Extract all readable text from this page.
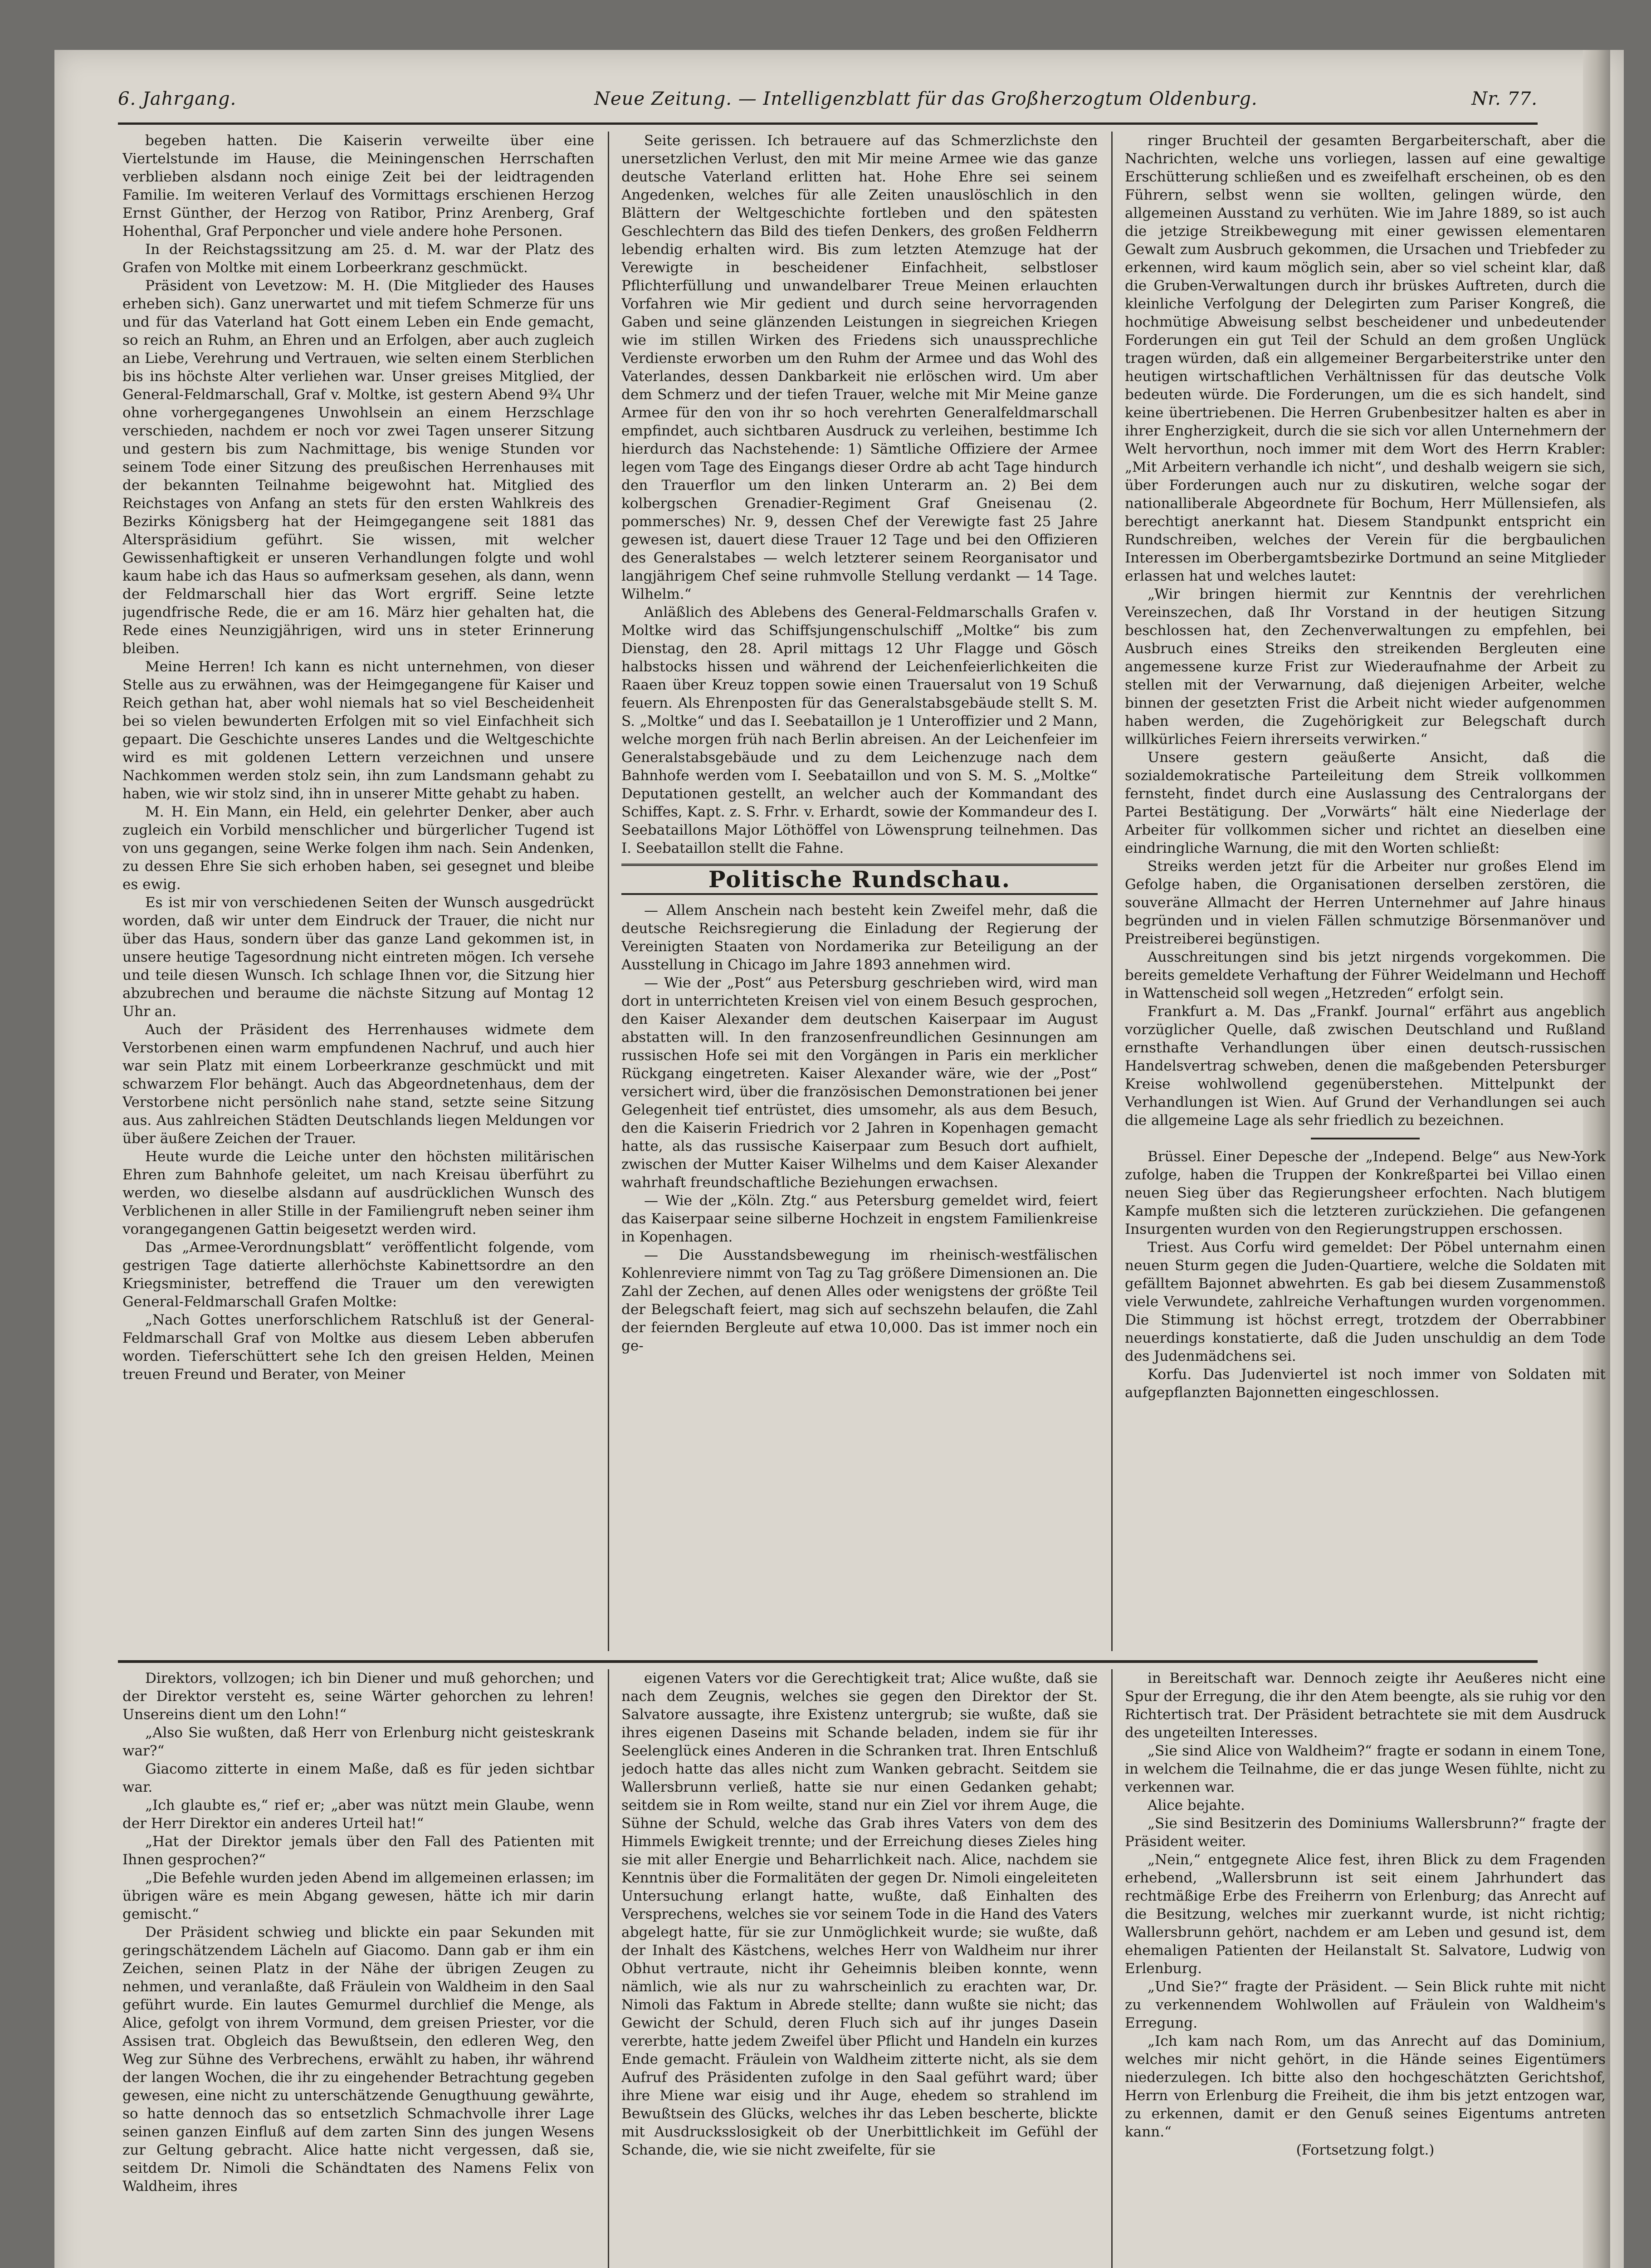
6. Jahrgang.	Neue Zeitung. — Intelligenzblatt für das Großherzogtum Oldenburg.	Nr. 77.

begeben hatten. Die Kaiserin verweilte über eine Viertelstunde im Hause, die Meiningenschen Herrschaften verblieben alsdann noch einige Zeit bei der leidtragenden Familie. Im weiteren Verlauf des Vormittags erschienen Herzog Ernst Günther, der Herzog von Ratibor, Prinz Arenberg, Graf Hohenthal, Graf Perponcher und viele andere hohe Personen.

In der Reichstagssitzung am 25. d. M. war der Platz des Grafen von Moltke mit einem Lorbeerkranz geschmückt.

Präsident von Levetzow: M. H. (Die Mitglieder des Hauses erheben sich). Ganz unerwartet und mit tiefem Schmerze für uns und für das Vaterland hat Gott einem Leben ein Ende gemacht, so reich an Ruhm, an Ehren und an Erfolgen, aber auch zugleich an Liebe, Verehrung und Vertrauen, wie selten einem Sterblichen bis ins höchste Alter verliehen war. Unser greises Mitglied, der General-Feldmarschall, Graf v. Moltke, ist gestern Abend 9¾ Uhr ohne vorhergegangenes Unwohlsein an einem Herzschlage verschieden, nachdem er noch vor zwei Tagen unserer Sitzung und gestern bis zum Nachmittage, bis wenige Stunden vor seinem Tode einer Sitzung des preußischen Herrenhauses mit der bekannten Teilnahme beigewohnt hat. Mitglied des Reichstages von Anfang an stets für den ersten Wahlkreis des Bezirks Königsberg hat der Heimgegangene seit 1881 das Alterspräsidium geführt. Sie wissen, mit welcher Gewissenhaftigkeit er unseren Verhandlungen folgte und wohl kaum habe ich das Haus so aufmerksam gesehen, als dann, wenn der Feldmarschall hier das Wort ergriff. Seine letzte jugendfrische Rede, die er am 16. März hier gehalten hat, die Rede eines Neunzigjährigen, wird uns in steter Erinnerung bleiben.

Meine Herren! Ich kann es nicht unternehmen, von dieser Stelle aus zu erwähnen, was der Heimgegangene für Kaiser und Reich gethan hat, aber wohl niemals hat so viel Bescheidenheit bei so vielen bewunderten Erfolgen mit so viel Einfachheit sich gepaart. Die Geschichte unseres Landes und die Weltgeschichte wird es mit goldenen Lettern verzeichnen und unsere Nachkommen werden stolz sein, ihn zum Landsmann gehabt zu haben, wie wir stolz sind, ihn in unserer Mitte gehabt zu haben.

M. H. Ein Mann, ein Held, ein gelehrter Denker, aber auch zugleich ein Vorbild menschlicher und bürgerlicher Tugend ist von uns gegangen, seine Werke folgen ihm nach. Sein Andenken, zu dessen Ehre Sie sich erhoben haben, sei gesegnet und bleibe es ewig.

Es ist mir von verschiedenen Seiten der Wunsch ausgedrückt worden, daß wir unter dem Eindruck der Trauer, die nicht nur über das Haus, sondern über das ganze Land gekommen ist, in unsere heutige Tagesordnung nicht eintreten mögen. Ich versehe und teile diesen Wunsch. Ich schlage Ihnen vor, die Sitzung hier abzubrechen und beraume die nächste Sitzung auf Montag 12 Uhr an.

Auch der Präsident des Herrenhauses widmete dem Verstorbenen einen warm empfundenen Nachruf, und auch hier war sein Platz mit einem Lorbeerkranze geschmückt und mit schwarzem Flor behängt. Auch das Abgeordnetenhaus, dem der Verstorbene nicht persönlich nahe stand, setzte seine Sitzung aus. Aus zahlreichen Städten Deutschlands liegen Meldungen vor über äußere Zeichen der Trauer.

Heute wurde die Leiche unter den höchsten militärischen Ehren zum Bahnhofe geleitet, um nach Kreisau überführt zu werden, wo dieselbe alsdann auf ausdrücklichen Wunsch des Verblichenen in aller Stille in der Familiengruft neben seiner ihm vorangegangenen Gattin beigesetzt werden wird.

Das „Armee-Verordnungsblatt“ veröffentlicht folgende, vom gestrigen Tage datierte allerhöchste Kabinettsordre an den Kriegsminister, betreffend die Trauer um den verewigten General-Feldmarschall Grafen Moltke:

„Nach Gottes unerforschlichem Ratschluß ist der General-Feldmarschall Graf von Moltke aus diesem Leben abberufen worden. Tieferschüttert sehe Ich den greisen Helden, Meinen treuen Freund und Berater, von Meiner

Seite gerissen. Ich betrauere auf das Schmerzlichste den unersetzlichen Verlust, den mit Mir meine Armee wie das ganze deutsche Vaterland erlitten hat. Hohe Ehre sei seinem Angedenken, welches für alle Zeiten unauslöschlich in den Blättern der Weltgeschichte fortleben und den spätesten Geschlechtern das Bild des tiefen Denkers, des großen Feldherrn lebendig erhalten wird. Bis zum letzten Atemzuge hat der Verewigte in bescheidener Einfachheit, selbstloser Pflichterfüllung und unwandelbarer Treue Meinen erlauchten Vorfahren wie Mir gedient und durch seine hervorragenden Gaben und seine glänzenden Leistungen in siegreichen Kriegen wie im stillen Wirken des Friedens sich unaussprechliche Verdienste erworben um den Ruhm der Armee und das Wohl des Vaterlandes, dessen Dankbarkeit nie erlöschen wird. Um aber dem Schmerz und der tiefen Trauer, welche mit Mir Meine ganze Armee für den von ihr so hoch verehrten Generalfeldmarschall empfindet, auch sichtbaren Ausdruck zu verleihen, bestimme Ich hierdurch das Nachstehende: 1) Sämtliche Offiziere der Armee legen vom Tage des Eingangs dieser Ordre ab acht Tage hindurch den Trauerflor um den linken Unterarm an. 2) Bei dem kolbergschen Grenadier-Regiment Graf Gneisenau (2. pommersches) Nr. 9, dessen Chef der Verewigte fast 25 Jahre gewesen ist, dauert diese Trauer 12 Tage und bei den Offizieren des Generalstabes — welch letzterer seinem Reorganisator und langjährigem Chef seine ruhmvolle Stellung verdankt — 14 Tage. Wilhelm.“

Anläßlich des Ablebens des General-Feldmarschalls Grafen v. Moltke wird das Schiffsjungenschulschiff „Moltke“ bis zum Dienstag, den 28. April mittags 12 Uhr Flagge und Gösch halbstocks hissen und während der Leichenfeierlichkeiten die Raaen über Kreuz toppen sowie einen Trauersalut von 19 Schuß feuern. Als Ehrenposten für das Generalstabsgebäude stellt S. M. S. „Moltke“ und das I. Seebataillon je 1 Unteroffizier und 2 Mann, welche morgen früh nach Berlin abreisen. An der Leichenfeier im Generalstabsgebäude und zu dem Leichenzuge nach dem Bahnhofe werden vom I. Seebataillon und von S. M. S. „Moltke“ Deputationen gestellt, an welcher auch der Kommandant des Schiffes, Kapt. z. S. Frhr. v. Erhardt, sowie der Kommandeur des I. Seebataillons Major Löthöffel von Löwensprung teilnehmen. Das I. Seebataillon stellt die Fahne.

Politische Rundschau.

— Allem Anschein nach besteht kein Zweifel mehr, daß die deutsche Reichsregierung die Einladung der Regierung der Vereinigten Staaten von Nordamerika zur Beteiligung an der Ausstellung in Chicago im Jahre 1893 annehmen wird.

— Wie der „Post“ aus Petersburg geschrieben wird, wird man dort in unterrichteten Kreisen viel von einem Besuch gesprochen, den Kaiser Alexander dem deutschen Kaiserpaar im August abstatten will. In den franzosenfreundlichen Gesinnungen am russischen Hofe sei mit den Vorgängen in Paris ein merklicher Rückgang eingetreten. Kaiser Alexander wäre, wie der „Post“ versichert wird, über die französischen Demonstrationen bei jener Gelegenheit tief entrüstet, dies umsomehr, als aus dem Besuch, den die Kaiserin Friedrich vor 2 Jahren in Kopenhagen gemacht hatte, als das russische Kaiserpaar zum Besuch dort aufhielt, zwischen der Mutter Kaiser Wilhelms und dem Kaiser Alexander wahrhaft freundschaftliche Beziehungen erwachsen.

— Wie der „Köln. Ztg.“ aus Petersburg gemeldet wird, feiert das Kaiserpaar seine silberne Hochzeit in engstem Familienkreise in Kopenhagen.

— Die Ausstandsbewegung im rheinisch-westfälischen Kohlenreviere nimmt von Tag zu Tag größere Dimensionen an. Die Zahl der Zechen, auf denen Alles oder wenigstens der größte Teil der Belegschaft feiert, mag sich auf sechszehn belaufen, die Zahl der feiernden Bergleute auf etwa 10,000. Das ist immer noch ein ge-

ringer Bruchteil der gesamten Bergarbeiterschaft, aber die Nachrichten, welche uns vorliegen, lassen auf eine gewaltige Erschütterung schließen und es zweifelhaft erscheinen, ob es den Führern, selbst wenn sie wollten, gelingen würde, den allgemeinen Ausstand zu verhüten. Wie im Jahre 1889, so ist auch die jetzige Streikbewegung mit einer gewissen elementaren Gewalt zum Ausbruch gekommen, die Ursachen und Triebfeder zu erkennen, wird kaum möglich sein, aber so viel scheint klar, daß die Gruben-Verwaltungen durch ihr brüskes Auftreten, durch die kleinliche Verfolgung der Delegirten zum Pariser Kongreß, die hochmütige Abweisung selbst bescheidener und unbedeutender Forderungen ein gut Teil der Schuld an dem großen Unglück tragen würden, daß ein allgemeiner Bergarbeiterstrike unter den heutigen wirtschaftlichen Verhältnissen für das deutsche Volk bedeuten würde. Die Forderungen, um die es sich handelt, sind keine übertriebenen. Die Herren Grubenbesitzer halten es aber in ihrer Engherzigkeit, durch die sie sich vor allen Unternehmern der Welt hervorthun, noch immer mit dem Wort des Herrn Krabler: „Mit Arbeitern verhandle ich nicht“, und deshalb weigern sie sich, über Forderungen auch nur zu diskutiren, welche sogar der nationalliberale Abgeordnete für Bochum, Herr Müllensiefen, als berechtigt anerkannt hat. Diesem Standpunkt entspricht ein Rundschreiben, welches der Verein für die bergbaulichen Interessen im Oberbergamtsbezirke Dortmund an seine Mitglieder erlassen hat und welches lautet:

„Wir bringen hiermit zur Kenntnis der verehrlichen Vereinszechen, daß Ihr Vorstand in der heutigen Sitzung beschlossen hat, den Zechenverwaltungen zu empfehlen, bei Ausbruch eines Streiks den streikenden Bergleuten eine angemessene kurze Frist zur Wiederaufnahme der Arbeit zu stellen mit der Verwarnung, daß diejenigen Arbeiter, welche binnen der gesetzten Frist die Arbeit nicht wieder aufgenommen haben werden, die Zugehörigkeit zur Belegschaft durch willkürliches Feiern ihrerseits verwirken.“

Unsere gestern geäußerte Ansicht, daß die sozialdemokratische Parteileitung dem Streik vollkommen fernsteht, findet durch eine Auslassung des Centralorgans der Partei Bestätigung. Der „Vorwärts“ hält eine Niederlage der Arbeiter für vollkommen sicher und richtet an dieselben eine eindringliche Warnung, die mit den Worten schließt:

Streiks werden jetzt für die Arbeiter nur großes Elend im Gefolge haben, die Organisationen derselben zerstören, die souveräne Allmacht der Herren Unternehmer auf Jahre hinaus begründen und in vielen Fällen schmutzige Börsenmanöver und Preistreiberei begünstigen.

Ausschreitungen sind bis jetzt nirgends vorgekommen. Die bereits gemeldete Verhaftung der Führer Weidelmann und Hechoff in Wattenscheid soll wegen „Hetzreden“ erfolgt sein.

Frankfurt a. M. Das „Frankf. Journal“ erfährt aus angeblich vorzüglicher Quelle, daß zwischen Deutschland und Rußland ernsthafte Verhandlungen über einen deutsch-russischen Handelsvertrag schweben, denen die maßgebenden Petersburger Kreise wohlwollend gegenüberstehen. Mittelpunkt der Verhandlungen ist Wien. Auf Grund der Verhandlungen sei auch die allgemeine Lage als sehr friedlich zu bezeichnen.

Brüssel. Einer Depesche der „Independ. Belge“ aus New-York zufolge, haben die Truppen der Konkreßpartei bei Villao einen neuen Sieg über das Regierungsheer erfochten. Nach blutigem Kampfe mußten sich die letzteren zurückziehen. Die gefangenen Insurgenten wurden von den Regierungstruppen erschossen.

Triest. Aus Corfu wird gemeldet: Der Pöbel unternahm einen neuen Sturm gegen die Juden-Quartiere, welche die Soldaten mit gefälltem Bajonnet abwehrten. Es gab bei diesem Zusammenstoß viele Verwundete, zahlreiche Verhaftungen wurden vorgenommen. Die Stimmung ist höchst erregt, trotzdem der Oberrabbiner neuerdings konstatierte, daß die Juden unschuldig an dem Tode des Judenmädchens sei.

Korfu. Das Judenviertel ist noch immer von Soldaten mit aufgepflanzten Bajonnetten eingeschlossen.

Direktors, vollzogen; ich bin Diener und muß gehorchen; und der Direktor versteht es, seine Wärter gehorchen zu lehren! Unsereins dient um den Lohn!“

„Also Sie wußten, daß Herr von Erlenburg nicht geisteskrank war?“

Giacomo zitterte in einem Maße, daß es für jeden sichtbar war.

„Ich glaubte es,“ rief er; „aber was nützt mein Glaube, wenn der Herr Direktor ein anderes Urteil hat!“

„Hat der Direktor jemals über den Fall des Patienten mit Ihnen gesprochen?“

„Die Befehle wurden jeden Abend im allgemeinen erlassen; im übrigen wäre es mein Abgang gewesen, hätte ich mir darin gemischt.“

Der Präsident schwieg und blickte ein paar Sekunden mit geringschätzendem Lächeln auf Giacomo. Dann gab er ihm ein Zeichen, seinen Platz in der Nähe der übrigen Zeugen zu nehmen, und veranlaßte, daß Fräulein von Waldheim in den Saal geführt wurde. Ein lautes Gemurmel durchlief die Menge, als Alice, gefolgt von ihrem Vormund, dem greisen Priester, vor die Assisen trat. Obgleich das Bewußtsein, den edleren Weg, den Weg zur Sühne des Verbrechens, erwählt zu haben, ihr während der langen Wochen, die ihr zu eingehender Betrachtung gegeben gewesen, eine nicht zu unterschätzende Genugthuung gewährte, so hatte dennoch das so entsetzlich Schmachvolle ihrer Lage seinen ganzen Einfluß auf dem zarten Sinn des jungen Wesens zur Geltung gebracht. Alice hatte nicht vergessen, daß sie, seitdem Dr. Nimoli die Schändtaten des Namens Felix von Waldheim, ihres

eigenen Vaters vor die Gerechtigkeit trat; Alice wußte, daß sie nach dem Zeugnis, welches sie gegen den Direktor der St. Salvatore aussagte, ihre Existenz untergrub; sie wußte, daß sie ihres eigenen Daseins mit Schande beladen, indem sie für ihr Seelenglück eines Anderen in die Schranken trat. Ihren Entschluß jedoch hatte das alles nicht zum Wanken gebracht. Seitdem sie Wallersbrunn verließ, hatte sie nur einen Gedanken gehabt; seitdem sie in Rom weilte, stand nur ein Ziel vor ihrem Auge, die Sühne der Schuld, welche das Grab ihres Vaters von dem des Himmels Ewigkeit trennte; und der Erreichung dieses Zieles hing sie mit aller Energie und Beharrlichkeit nach. Alice, nachdem sie Kenntnis über die Formalitäten der gegen Dr. Nimoli eingeleiteten Untersuchung erlangt hatte, wußte, daß Einhalten des Versprechens, welches sie vor seinem Tode in die Hand des Vaters abgelegt hatte, für sie zur Unmöglichkeit wurde; sie wußte, daß der Inhalt des Kästchens, welches Herr von Waldheim nur ihrer Obhut vertraute, nicht ihr Geheimnis bleiben konnte, wenn nämlich, wie als nur zu wahrscheinlich zu erachten war, Dr. Nimoli das Faktum in Abrede stellte; dann wußte sie nicht; das Gewicht der Schuld, deren Fluch sich auf ihr junges Dasein vererbte, hatte jedem Zweifel über Pflicht und Handeln ein kurzes Ende gemacht. Fräulein von Waldheim zitterte nicht, als sie dem Aufruf des Präsidenten zufolge in den Saal geführt ward; über ihre Miene war eisig und ihr Auge, ehedem so strahlend im Bewußtsein des Glücks, welches ihr das Leben bescherte, blickte mit Ausdrucksslosigkeit ob der Unerbittlichkeit im Gefühl der Schande, die, wie sie nicht zweifelte, für sie

in Bereitschaft war. Dennoch zeigte ihr Aeußeres nicht eine Spur der Erregung, die ihr den Atem beengte, als sie ruhig vor den Richtertisch trat. Der Präsident betrachtete sie mit dem Ausdruck des ungeteilten Interesses.

„Sie sind Alice von Waldheim?“ fragte er sodann in einem Tone, in welchem die Teilnahme, die er das junge Wesen fühlte, nicht zu verkennen war.

Alice bejahte.

„Sie sind Besitzerin des Dominiums Wallersbrunn?“ fragte der Präsident weiter.

„Nein,“ entgegnete Alice fest, ihren Blick zu dem Fragenden erhebend, „Wallersbrunn ist seit einem Jahrhundert das rechtmäßige Erbe des Freiherrn von Erlenburg; das Anrecht auf die Besitzung, welches mir zuerkannt wurde, ist nicht richtig; Wallersbrunn gehört, nachdem er am Leben und gesund ist, dem ehemaligen Patienten der Heilanstalt St. Salvatore, Ludwig von Erlenburg.

„Und Sie?“ fragte der Präsident. — Sein Blick ruhte mit nicht zu verkennendem Wohlwollen auf Fräulein von Waldheim's Erregung.

„Ich kam nach Rom, um das Anrecht auf das Dominium, welches mir nicht gehört, in die Hände seines Eigentümers niederzulegen. Ich bitte also den hochgeschätzten Gerichtshof, Herrn von Erlenburg die Freiheit, die ihm bis jetzt entzogen war, zu erkennen, damit er den Genuß seines Eigentums antreten kann.“

(Fortsetzung folgt.)
